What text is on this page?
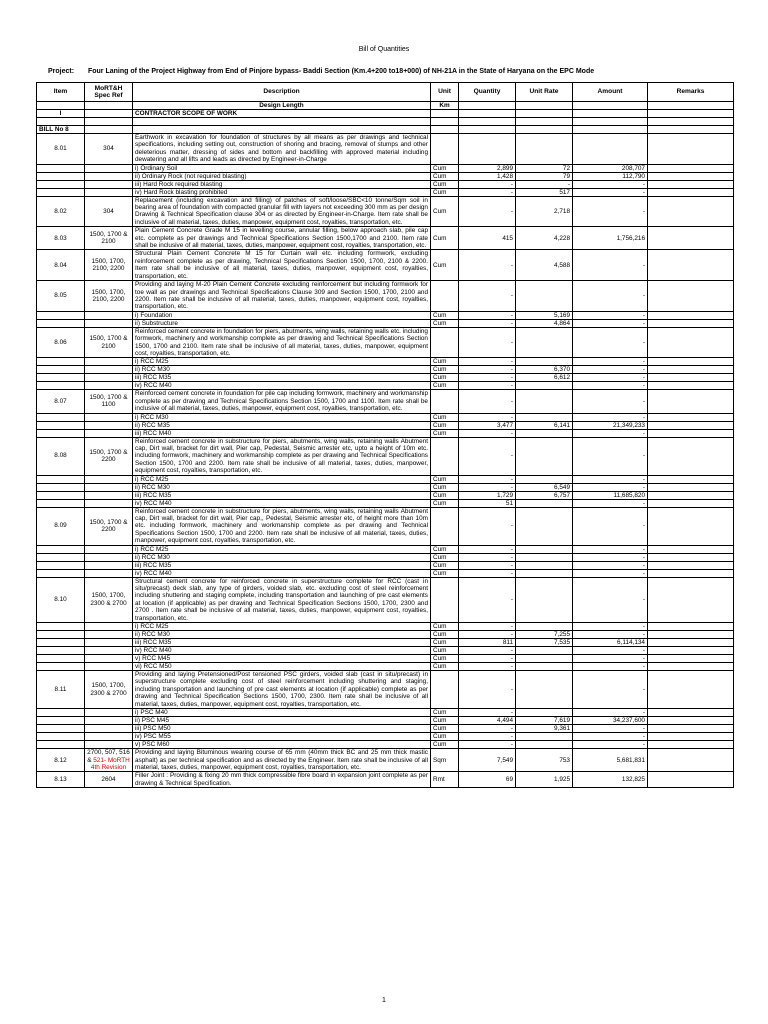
Bill of Quantities
Project: Four Laning of the Project Highway from End of Pinjore bypass- Baddi Section (Km.4+200 to18+000) of NH-21A in the State of Haryana on the EPC Mode
Item	MoRT&H Spec Ref	Description	Unit	Quantity	Unit Rate	Amount	Remarks
		Design Length	Km				
I		CONTRACTOR SCOPE OF WORK					

BILL No 8							
8.01	304	Earthwork in excavation for foundation of structures by all means as per drawings and technical specifications, including setting out, construction of shoring and bracing, removal of stumps and other deleterious matter, dressing of sides and bottom and backfilling with approved material including dewatering and all lifts and leads as directed by Engineer-in-Charge					
		i) Ordinary Soil	Cum	2,899	72	208,707	
		ii) Ordinary Rock (not required blasting)	Cum	1,428	79	112,790	
		iii) Hard Rock required blasting	Cum	-	-	-	
		iv) Hard Rock blasting prohibited	Cum	-	517	-	
8.02	304	Replacement (including excavation and filling) of patches of soft/loose/SBC<10 tonne/Sqm soil in bearing area of foundation with compacted granular fill with layers not exceeding 300 mm as per design Drawing & Technical Specification clause 304 or as directed by Engineer-in-Charge. Item rate shall be inclusive of all material, taxes, duties, manpower, equipment cost, royalties, transportation, etc.	Cum	-	2,718	-	
8.03	1500, 1700 & 2100	Plain Cement Concrete Grade M 15 in levelling course, annular filling, below approach slab, pile cap etc. complete as per drawings and Technical Specifications Section 1500,1700 and 2100. Item rate shall be inclusive of all material, taxes, duties, manpower, equipment cost, royalties, transportation, etc.	Cum	415	4,228	1,756,216	
8.04	1500, 1700, 2100, 2200	Structural Plain Cement Concrete M 15 for Curtain wall etc. including formwork, excluding reinforcement complete as per drawing, Technical Specifications Section 1500, 1700, 2100 & 2200. Item rate shall be inclusive of all material, taxes, duties, manpower, equipment cost, royalties, transportation, etc.	Cum	-	4,588	-	
8.05	1500, 1700, 2100, 2200	Providing and laying M-20 Plain Cement Concrete excluding reinforcement but including formwork for toe wall as per drawings and Technical Specifications Clause 309 and Section 1500, 1700, 2100 and 2200. Item rate shall be inclusive of all material, taxes, duties, manpower, equipment cost, royalties, transportation, etc.		-		-	
		i) Foundation	Cum	-	5,169	-	
		ii) Substructure	Cum	-	4,864	-	
8.06	1500, 1700 & 2100	Reinforced cement concrete in foundation for piers, abutments, wing walls, retaining walls etc. including formwork, machinery and workmanship complete as per drawing and Technical Specifications Section 1500, 1700 and 2100. Item rate shall be inclusive of all material, taxes, duties, manpower, equipment cost, royalties, transportation, etc.		-		-	
		i) RCC M25	Cum	-		-	
		ii) RCC M30	Cum	-	6,370	-	
		iii) RCC M35	Cum	-	6,612	-	
		iv) RCC M40	Cum	-		-	
8.07	1500, 1700 & 1100	Reinforced cement concrete in foundation for pile cap including formwork, machinery and workmanship complete as per drawing and Technical Specifications Section 1500, 1700 and 1100. Item rate shall be inclusive of all material, taxes, duties, manpower, equipment cost, royalties, transportation, etc.		-		-	
		i) RCC M30	Cum	-		-	
		ii) RCC M35	Cum	3,477	6,141	21,349,233	
		iii) RCC M40	Cum	-		-	
8.08	1500, 1700 & 2200	Reinforced cement concrete in substructure for piers, abutments, wing walls, retaining walls Abutment cap, Dirt wall, bracket for dirt wall, Pier cap, Pedestal, Seismic arrester etc, upto a height of 10m etc. including formwork, machinery and workmanship complete as per drawing and Technical Specifications Section 1500, 1700 and 2200. Item rate shall be inclusive of all material, taxes, duties, manpower, equipment cost, royalties, transportation, etc.		-		-	
		i) RCC M25	Cum	-		-	
		ii) RCC M30	Cum	-	6,549	-	
		iii) RCC M35	Cum	1,729	6,757	11,685,820	
		iv) RCC M40	Cum	51		-	
8.09	1500, 1700 & 2200	Reinforced cement concrete in substructure for piers, abutments, wing walls, retaining walls Abutment cap, Dirt wall, bracket for dirt wall, Pier cap,, Pedestal, Seismic arrester etc, of height more than 10m etc. including formwork, machinery and workmanship complete as per drawing and Technical Specifications Section 1500, 1700 and 2200. Item rate shall be inclusive of all material, taxes, duties, manpower, equipment cost, royalties, transportation, etc.		-		-	
		i) RCC M25	Cum	-		-	
		ii) RCC M30	Cum	-		-	
		iii) RCC M35	Cum	-		-	
		iv) RCC M40	Cum	-		-	
8.10	1500, 1700, 2300 & 2700	Structural cement concrete for reinforced concrete in superstructure complete for RCC (cast in situ/precast) deck slab, any type of girders, voided slab, etc. excluding cost of steel reinforcement including shuttering and staging complete, including transportation and launching of pre cast elements at location (if applicable) as per drawing and Technical Specification Sections 1500, 1700, 2300 and 2700 . Item rate shall be inclusive of all material, taxes, duties, manpower, equipment cost, royalties, transportation, etc.		-		-	
		i) RCC M25	Cum	-		-	
		ii) RCC M30	Cum	-	7,255	-	
		iii) RCC M35	Cum	811	7,535	6,114,134	
		iv) RCC M40	Cum	-		-	
		v) RCC M45	Cum	-		-	
		vi) RCC M50	Cum	-		-	
8.11	1500, 1700, 2300 & 2700	Providing and laying Pretensioned/Post tensioned PSC girders, voided slab (cast in situ/precast) in superstructure complete excluding cost of steel reinforcement including shuttering and staging, including transportation and launching of pre cast elements at location (if applicable) complete as per drawing and Technical Specification Sections 1500, 1700, 2300. Item rate shall be inclusive of all material, taxes, duties, manpower, equipment cost, royalties, transportation, etc.		-		-	
		i) PSC M40	Cum	-		-	
		ii) PSC M45	Cum	4,494	7,619	34,237,600	
		iii) PSC M50	Cum	-	9,361	-	
		iv) PSC M55	Cum	-		-	
		v) PSC M60	Cum	-		-	
8.12	2700, 507, 516 & 521- MoRTH 4th Revision	Providing and laying Bituminous wearing course of 65 mm (40mm thick BC and 25 mm thick mastic asphalt) as per technical specification and as directed by the Engineer. Item rate shall be inclusive of all material, taxes, duties, manpower, equipment cost, royalties, transportation, etc.	Sqm	7,549	753	5,681,831	
8.13	2604	Filler Joint : Providing & fixing 20 mm thick compressible fibre board in expansion joint complete as per drawing & Technical Specification.	Rmt	69	1,925	132,825	
1
